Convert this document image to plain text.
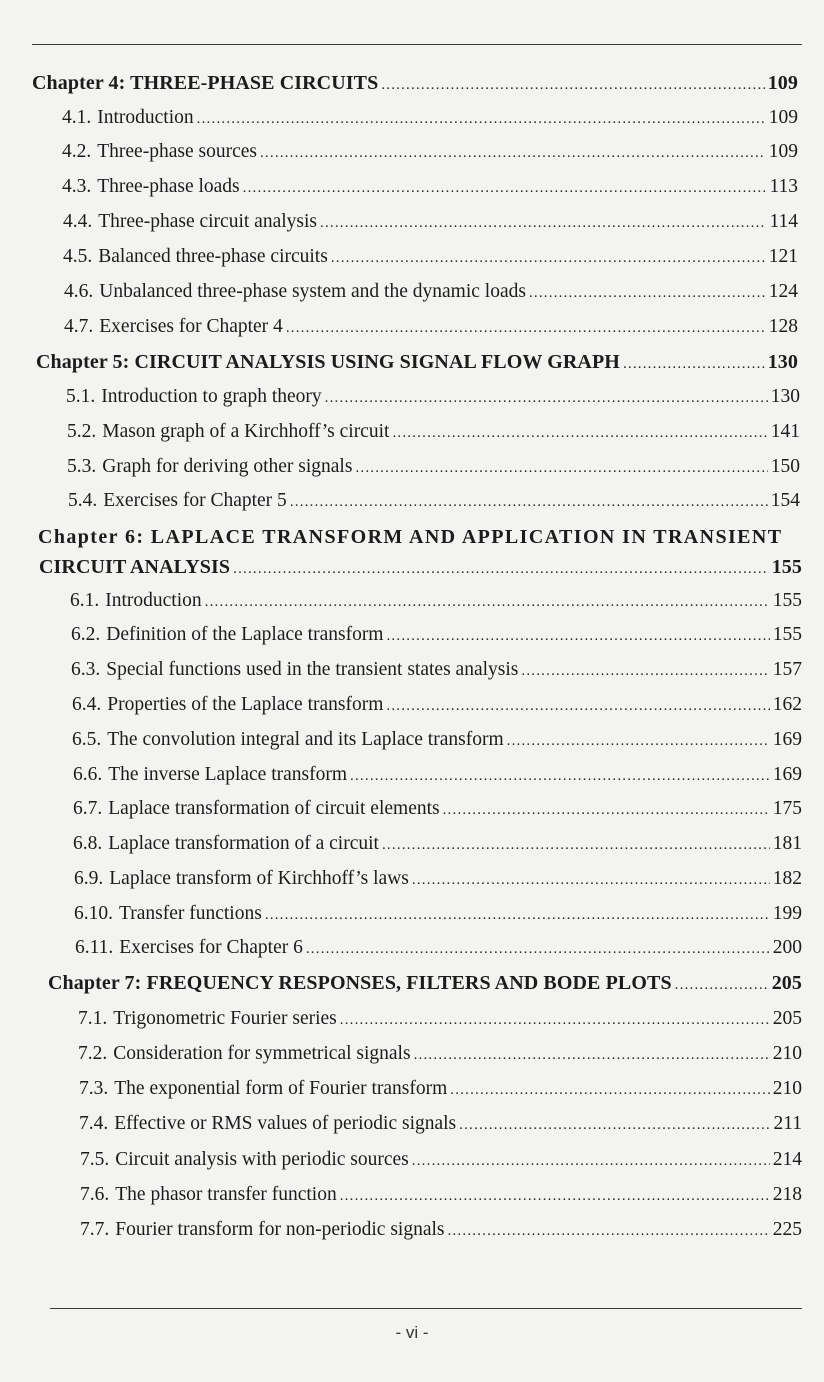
Chapter 4: THREE-PHASE CIRCUITS .....	109
4.1. Introduction .....	109
4.2. Three-phase sources .....	109
4.3. Three-phase loads .....	113
4.4. Three-phase circuit analysis .....	114
4.5. Balanced three-phase circuits .....	121
4.6. Unbalanced three-phase system and the dynamic loads .....	124
4.7. Exercises for Chapter 4 .....	128
Chapter 5: CIRCUIT ANALYSIS USING SIGNAL FLOW GRAPH .....	130
5.1. Introduction to graph theory .....	130
5.2. Mason graph of a Kirchhoff’s circuit .....	141
5.3. Graph for deriving other signals .....	150
5.4. Exercises for Chapter 5 .....	154
Chapter 6: LAPLACE TRANSFORM AND APPLICATION IN TRANSIENT
CIRCUIT ANALYSIS .....	155
6.1. Introduction .....	155
6.2. Definition of the Laplace transform .....	155
6.3. Special functions used in the transient states analysis .....	157
6.4. Properties of the Laplace transform .....	162
6.5. The convolution integral and its Laplace transform .....	169
6.6. The inverse Laplace transform .....	169
6.7. Laplace transformation of circuit elements .....	175
6.8. Laplace transformation of a circuit .....	181
6.9. Laplace transform of Kirchhoff’s laws .....	182
6.10. Transfer functions .....	199
6.11. Exercises for Chapter 6 .....	200
Chapter 7: FREQUENCY RESPONSES, FILTERS AND BODE PLOTS .....	205
7.1. Trigonometric Fourier series .....	205
7.2. Consideration for symmetrical signals .....	210
7.3. The exponential form of Fourier transform .....	210
7.4. Effective or RMS values of periodic signals .....	211
7.5. Circuit analysis with periodic sources .....	214
7.6. The phasor transfer function .....	218
7.7. Fourier transform for non-periodic signals .....	225
- vi -
